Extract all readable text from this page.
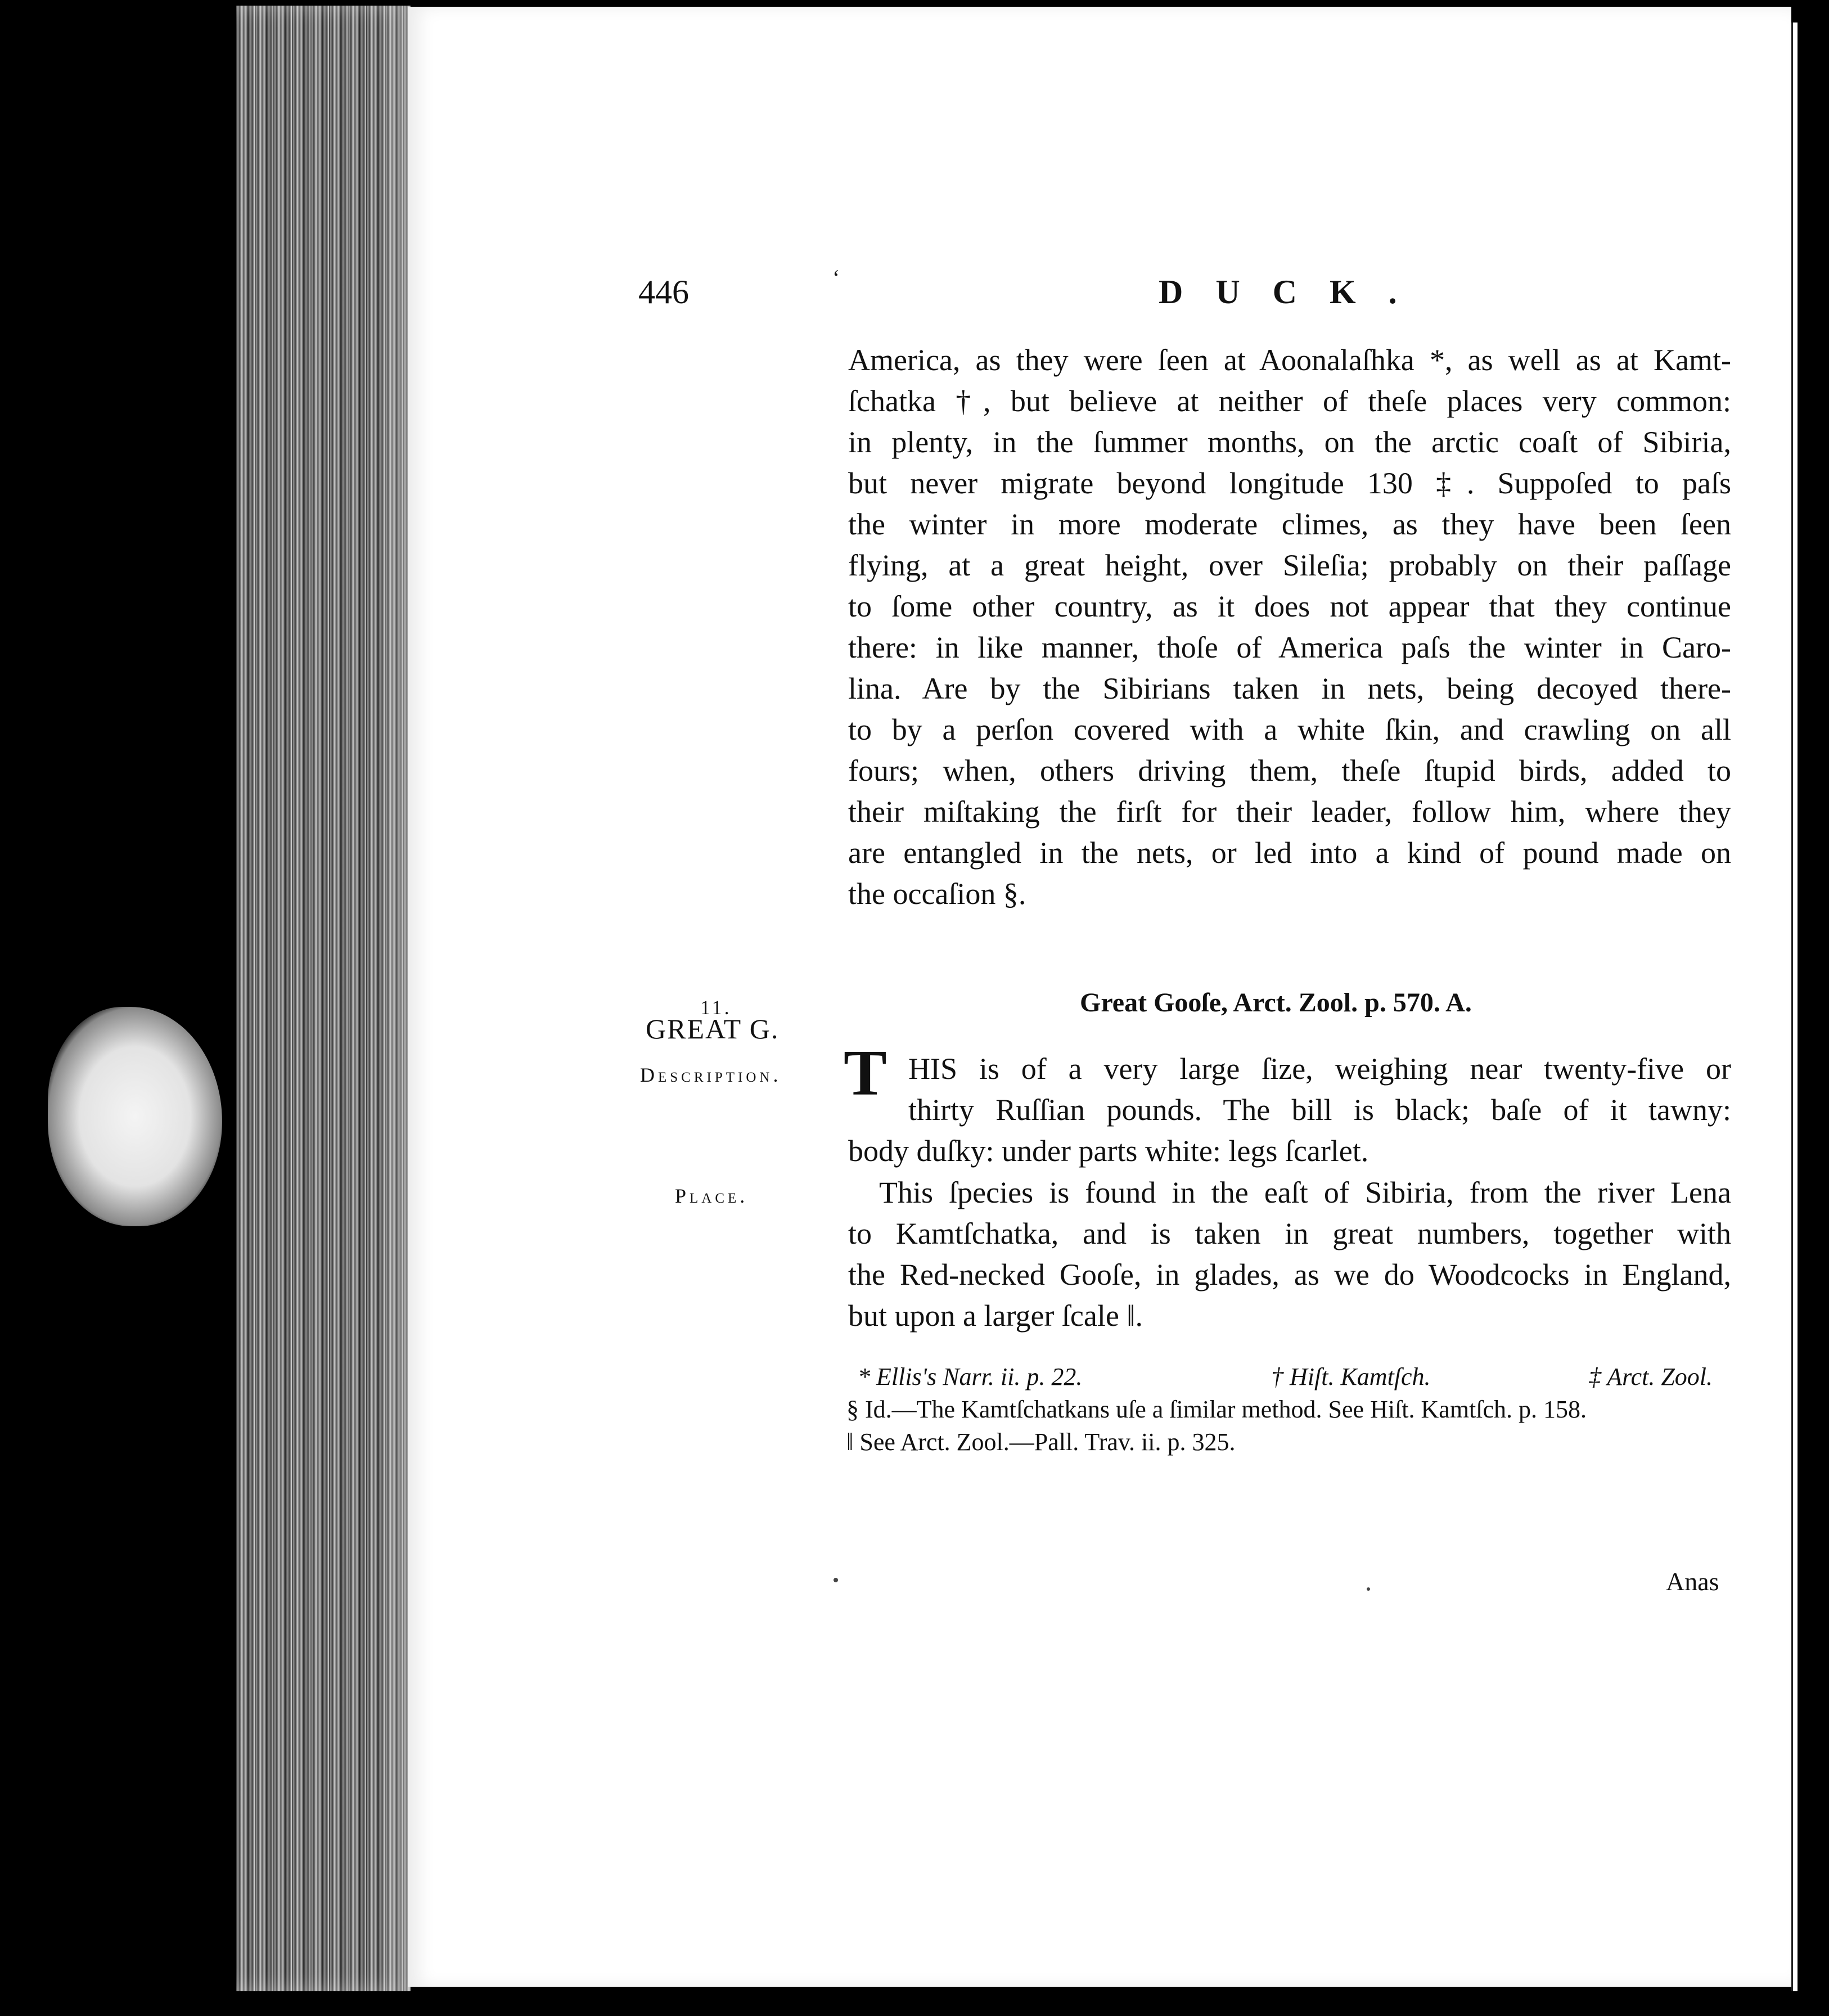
446	‘	DUCK.
America, as they were ſeen at Aoonalaſhka *, as well as at Kamt-
ſchatka †, but believe at neither of theſe places very common:
in plenty, in the ſummer months, on the arctic coaſt of Sibiria,
but never migrate beyond longitude 130 ‡. Suppoſed to paſs
the winter in more moderate climes, as they have been ſeen
flying, at a great height, over Sileſia; probably on their paſſage
to ſome other country, as it does not appear that they continue
there: in like manner, thoſe of America paſs the winter in Caro-
lina. Are by the Sibirians taken in nets, being decoyed there-
to by a perſon covered with a white ſkin, and crawling on all
fours; when, others driving them, theſe ſtupid birds, added to
their miſtaking the firſt for their leader, follow him, where they
are entangled in the nets, or led into a kind of pound made on
the occaſion §.
11.
GREAT G.
Description.
Place.
Great Gooſe, Arct. Zool. p. 570. A.
T HIS is of a very large ſize, weighing near twenty-five or
thirty Ruſſian pounds. The bill is black; baſe of it tawny:
body duſky: under parts white: legs ſcarlet.
This ſpecies is found in the eaſt of Sibiria, from the river Lena
to Kamtſchatka, and is taken in great numbers, together with
the Red-necked Gooſe, in glades, as we do Woodcocks in England,
but upon a larger ſcale ‖.
* Ellis's Narr. ii. p. 22.	† Hiſt. Kamtſch.	‡ Arct. Zool.
§ Id.—The Kamtſchatkans uſe a ſimilar method. See Hiſt. Kamtſch. p. 158.
‖ See Arct. Zool.—Pall. Trav. ii. p. 325.
Anas
